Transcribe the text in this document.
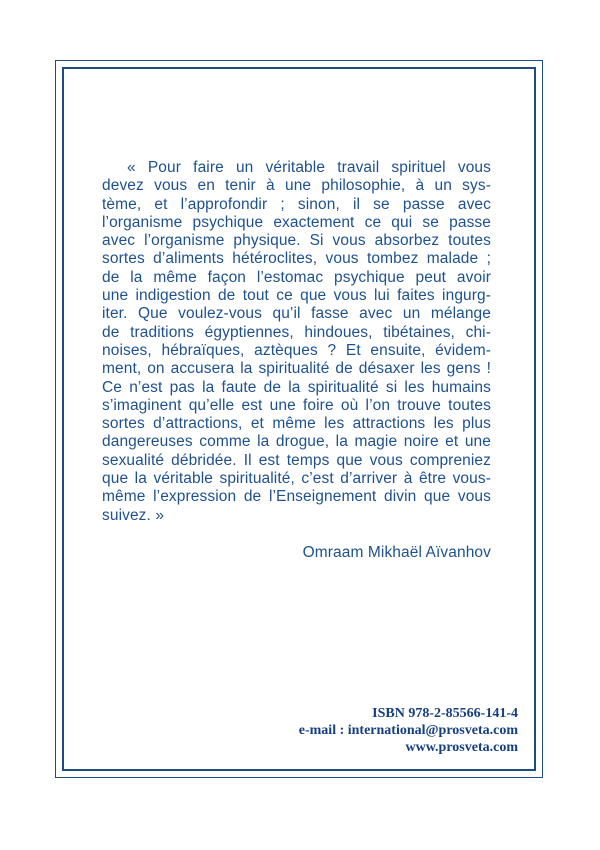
« Pour faire un véritable travail spirituel vous
devez vous en tenir à une philosophie, à un sys-
tème, et l’approfondir ; sinon, il se passe avec
l’organisme psychique exactement ce qui se passe
avec l’organisme physique. Si vous absorbez toutes
sortes d’aliments hétéroclites, vous tombez malade ;
de la même façon l’estomac psychique peut avoir
une indigestion de tout ce que vous lui faites ingurg-
iter. Que voulez-vous qu’il fasse avec un mélange
de traditions égyptiennes, hindoues, tibétaines, chi-
noises, hébraïques, aztèques ? Et ensuite, évidem-
ment, on accusera la spiritualité de désaxer les gens !
Ce n’est pas la faute de la spiritualité si les humains
s’imaginent qu’elle est une foire où l’on trouve toutes
sortes d’attractions, et même les attractions les plus
dangereuses comme la drogue, la magie noire et une
sexualité débridée. Il est temps que vous compreniez
que la véritable spiritualité, c’est d’arriver à être vous-
même l’expression de l’Enseignement divin que vous
suivez. »
Omraam Mikhaël Aïvanhov
ISBN 978-2-85566-141-4
e-mail : international@prosveta.com
www.prosveta.com
